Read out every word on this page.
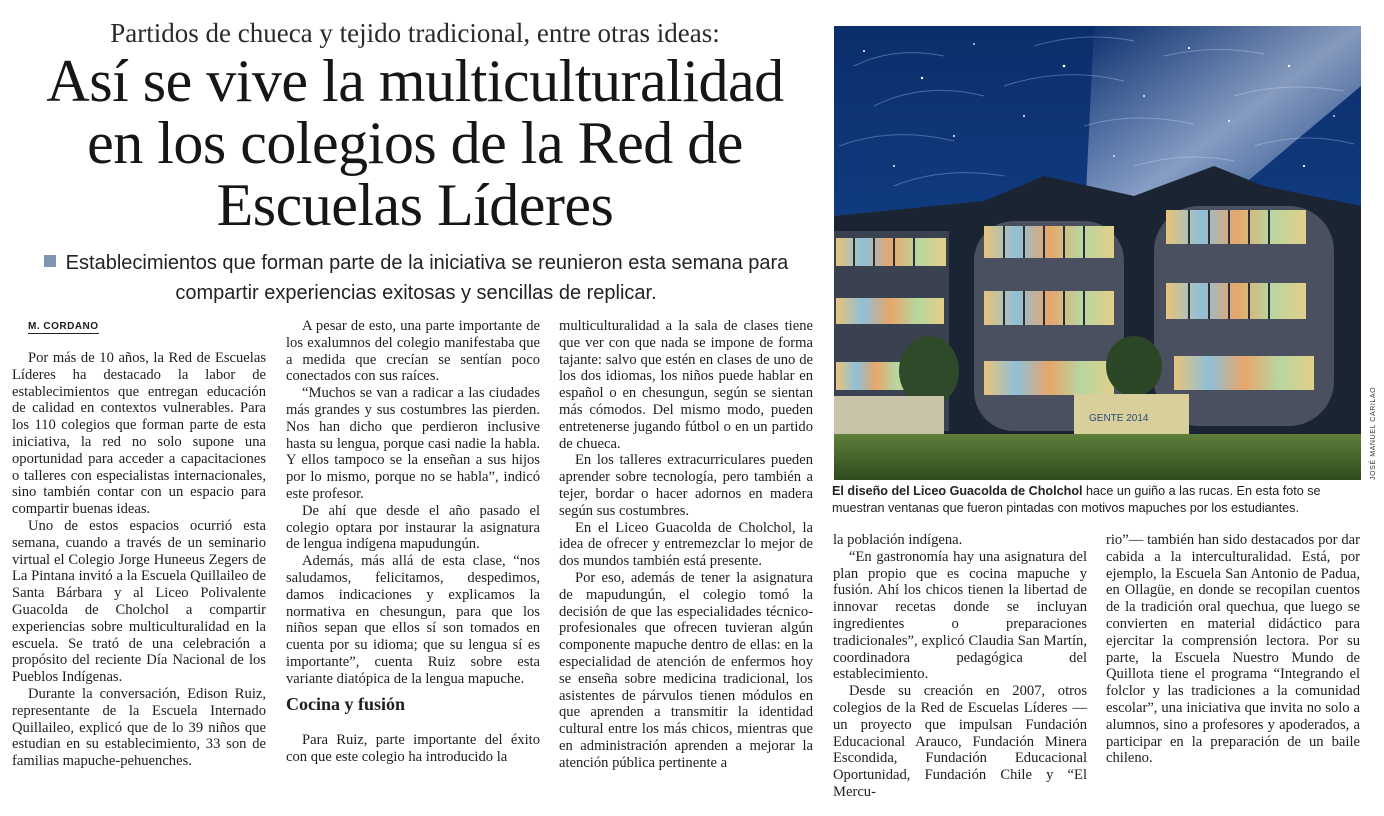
Partidos de chueca y tejido tradicional, entre otras ideas:
Así se vive la multiculturalidad
en los colegios de la Red de
Escuelas Líderes
Establecimientos que forman parte de la iniciativa se reunieron esta semana para
compartir experiencias exitosas y sencillas de replicar.
M. CORDANO

Por más de 10 años, la Red de Escuelas Líderes ha destacado la labor de establecimientos que entregan educación de calidad en contextos vulnerables. Para los 110 colegios que forman parte de esta iniciativa, la red no solo supone una oportunidad para acceder a capacitaciones o talleres con especialistas internacionales, sino también contar con un espacio para compartir buenas ideas.

Uno de estos espacios ocurrió esta semana, cuando a través de un seminario virtual el Colegio Jorge Huneeus Zegers de La Pintana invitó a la Escuela Quillaileo de Santa Bárbara y al Liceo Polivalente Guacolda de Cholchol a compartir experiencias sobre multiculturalidad en la escuela. Se trató de una celebración a propósito del reciente Día Nacional de los Pueblos Indígenas.

Durante la conversación, Edison Ruiz, representante de la Escuela Internado Quillaileo, explicó que de lo 39 niños que estudian en su establecimiento, 33 son de familias mapuche-pehuenches.

A pesar de esto, una parte importante de los exalumnos del colegio manifestaba que a medida que crecían se sentían poco conectados con sus raíces.

“Muchos se van a radicar a las ciudades más grandes y sus costumbres las pierden. Nos han dicho que perdieron inclusive hasta su lengua, porque casi nadie la habla. Y ellos tampoco se la enseñan a sus hijos por lo mismo, porque no se habla”, indicó este profesor.

De ahí que desde el año pasado el colegio optara por instaurar la asignatura de lengua indígena mapudungún.

Además, más allá de esta clase, “nos saludamos, felicitamos, despedimos, damos indicaciones y explicamos la normativa en chesungun, para que los niños sepan que ellos sí son tomados en cuenta por su idioma; que su lengua sí es importante”, cuenta Ruiz sobre esta variante diatópica de la lengua mapuche.

Cocina y fusión

Para Ruiz, parte importante del éxito con que este colegio ha introducido la

multiculturalidad a la sala de clases tiene que ver con que nada se impone de forma tajante: salvo que estén en clases de uno de los dos idiomas, los niños puede hablar en español o en chesungun, según se sientan más cómodos. Del mismo modo, pueden entretenerse jugando fútbol o en un partido de chueca.

En los talleres extracurriculares pueden aprender sobre tecnología, pero también a tejer, bordar o hacer adornos en madera según sus costumbres.

En el Liceo Guacolda de Cholchol, la idea de ofrecer y entremezclar lo mejor de dos mundos también está presente.

Por eso, además de tener la asignatura de mapudungún, el colegio tomó la decisión de que las especialidades técnico-profesionales que ofrecen tuvieran algún componente mapuche dentro de ellas: en la especialidad de atención de enfermos hoy se enseña sobre medicina tradicional, los asistentes de párvulos tienen módulos en que aprenden a transmitir la identidad cultural entre los más chicos, mientras que en administración aprenden a mejorar la atención pública pertinente a

la población indígena.

“En gastronomía hay una asignatura del plan propio que es cocina mapuche y fusión. Ahí los chicos tienen la libertad de innovar recetas donde se incluyan ingredientes o preparaciones tradicionales”, explicó Claudia San Martín, coordinadora pedagógica del establecimiento.

Desde su creación en 2007, otros colegios de la Red de Escuelas Líderes —un proyecto que impulsan Fundación Educacional Arauco, Fundación Minera Escondida, Fundación Educacional Oportunidad, Fundación Chile y “El Mercu-

rio”— también han sido destacados por dar cabida a la interculturalidad. Está, por ejemplo, la Escuela San Antonio de Padua, en Ollagüe, en donde se recopilan cuentos de la tradición oral quechua, que luego se convierten en material didáctico para ejercitar la comprensión lectora. Por su parte, la Escuela Nuestro Mundo de Quillota tiene el programa “Integrando el folclor y las tradiciones a la comunidad escolar”, una iniciativa que invita no solo a alumnos, sino a profesores y apoderados, a participar en la preparación de un baile chileno.

GENTE 2014	JOSÉ MANUEL CARILAO
El diseño del Liceo Guacolda de Cholchol hace un guiño a las rucas. En esta foto se muestran ventanas que fueron pintadas con motivos mapuches por los estudiantes.
